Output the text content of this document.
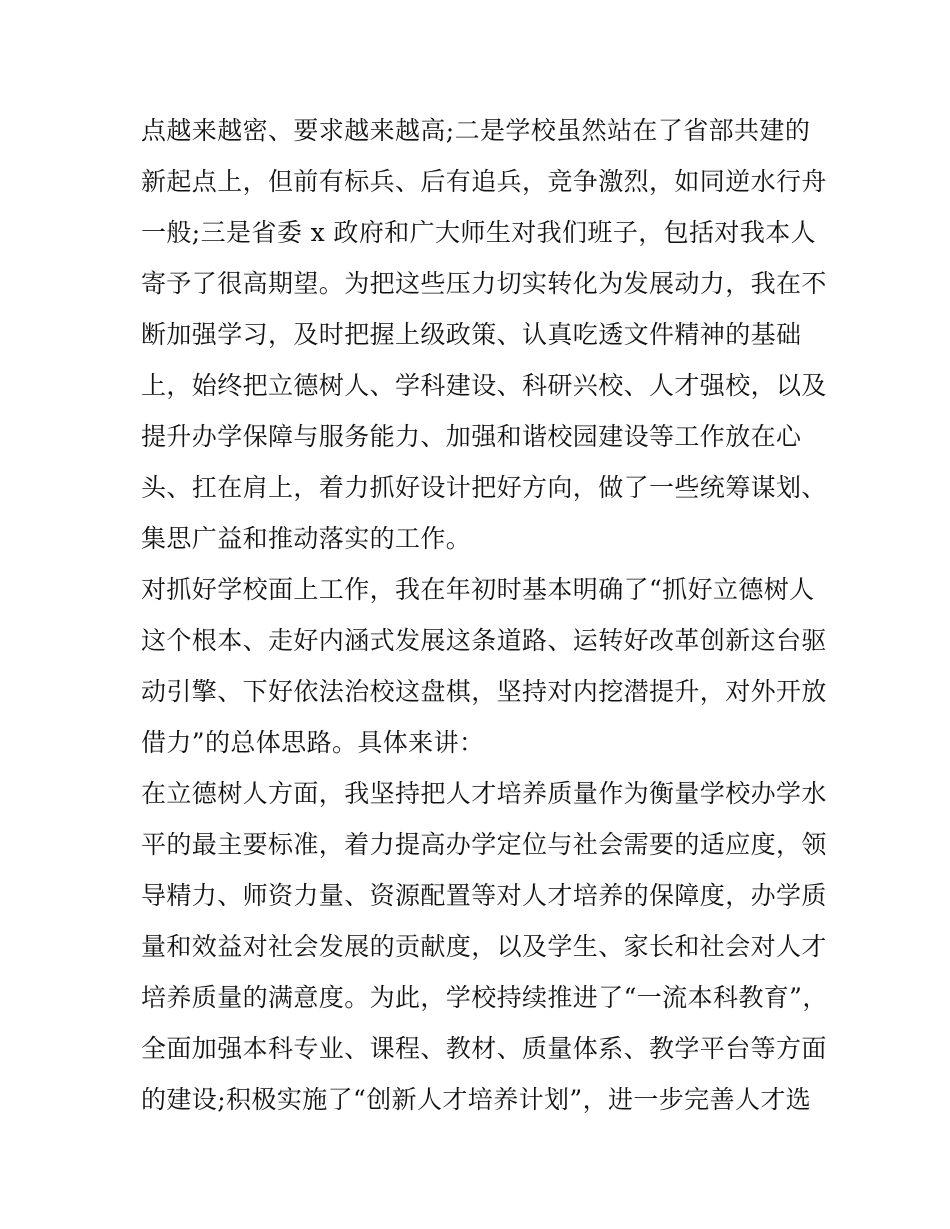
点越来越密、要求越来越高;二是学校虽然站在了省部共建的
新起点上，但前有标兵、后有追兵，竞争激烈，如同逆水行舟
一般;三是省委 x 政府和广大师生对我们班子，包括对我本人
寄予了很高期望。为把这些压力切实转化为发展动力，我在不
断加强学习，及时把握上级政策、认真吃透文件精神的基础
上，始终把立德树人、学科建设、科研兴校、人才强校，以及
提升办学保障与服务能力、加强和谐校园建设等工作放在心
头、扛在肩上，着力抓好设计把好方向，做了一些统筹谋划、
集思广益和推动落实的工作。
对抓好学校面上工作，我在年初时基本明确了“抓好立德树人
这个根本、走好内涵式发展这条道路、运转好改革创新这台驱
动引擎、下好依法治校这盘棋，坚持对内挖潜提升，对外开放
借力”的总体思路。具体来讲：
在立德树人方面，我坚持把人才培养质量作为衡量学校办学水
平的最主要标准，着力提高办学定位与社会需要的适应度，领
导精力、师资力量、资源配置等对人才培养的保障度，办学质
量和效益对社会发展的贡献度，以及学生、家长和社会对人才
培养质量的满意度。为此，学校持续推进了“一流本科教育”，
全面加强本科专业、课程、教材、质量体系、教学平台等方面
的建设;积极实施了“创新人才培养计划”，进一步完善人才选
